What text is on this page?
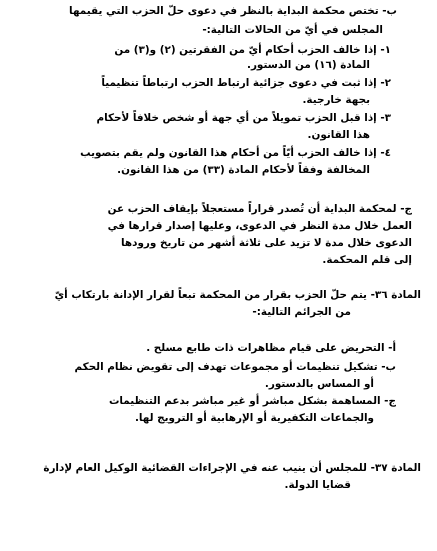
ب- تختص محكمة البداية بالنظر في دعوى حلّ الحزب التي يقيمها
المجلس في أيّ من الحالات التالية:-
١- إذا خالف الحزب أحكام أيّ من الفقرتين (٢) و(٣) من
المادة (١٦) من الدستور.
٢- إذا ثبت في دعوى جزائية ارتباط الحزب ارتباطاً تنظيمياً
بجهة خارجية.
٣- إذا قبل الحزب تمويلاً من أي جهة أو شخص خلافاً لأحكام
هذا القانون.
٤- إذا خالف الحزب أيّاً من أحكام هذا القانون ولم يقم بتصويب
المخالفة وفقاً لأحكام المادة (٣٣) من هذا القانون.
ج- لمحكمة البداية أن تُصدر قراراً مستعجلاً بإيقاف الحزب عن
العمل خلال مدة النظر في الدعوى، وعليها إصدار قرارها في
الدعوى خلال مدة لا تزيد على ثلاثة أشهر من تاريخ ورودها
إلى قلم المحكمة.
المادة ٣٦- يتم حلّ الحزب بقرار من المحكمة تبعاً لقرار الإدانة بارتكاب أيّ
من الجرائم التالية:-
أ- التحريض على قيام مظاهرات ذات طابع مسلح .
ب- تشكيل تنظيمات أو مجموعات تهدف إلى تقويض نظام الحكم
أو المساس بالدستور.
ج- المساهمة بشكل مباشر أو غير مباشر بدعم التنظيمات
والجماعات التكفيرية أو الإرهابية أو الترويج لها.
المادة ٣٧- للمجلس أن ينيب عنه في الإجراءات القضائية الوكيل العام لإدارة
قضايا الدولة.
